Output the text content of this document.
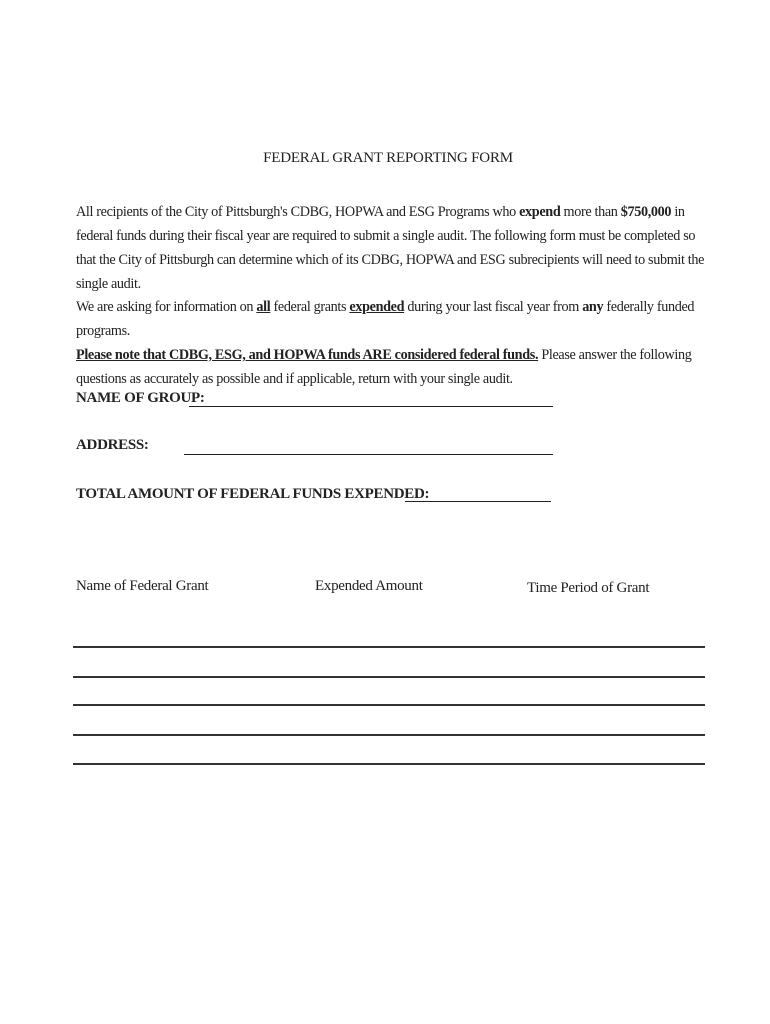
FEDERAL GRANT REPORTING FORM

All recipients of the City of Pittsburgh's CDBG, HOPWA and ESG Programs who expend more than $750,000 in federal funds during their fiscal year are required to submit a single audit. The following form must be completed so that the City of Pittsburgh can determine which of its CDBG, HOPWA and ESG subrecipients will need to submit the single audit.

We are asking for information on all federal grants expended during your last fiscal year from any federally funded programs.
Please note that CDBG, ESG, and HOPWA funds ARE considered federal funds. Please answer the following questions as accurately as possible and if applicable, return with your single audit.

NAME OF GROUP:
ADDRESS:
TOTAL AMOUNT OF FEDERAL FUNDS EXPENDED:
Name of Federal Grant	Expended Amount	Time Period of Grant
